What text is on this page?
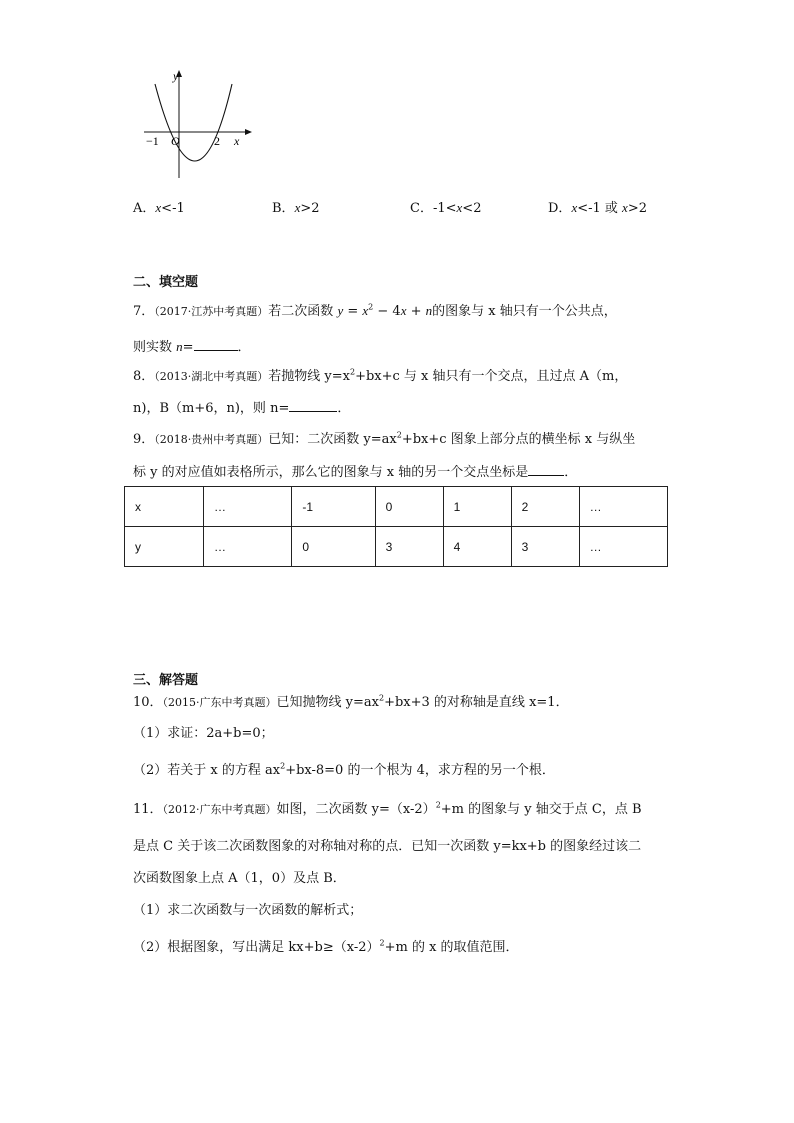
y
x
O
−1	2
A．x<-1	B．x>2	C．-1<x<2	D．x<-1 或 x>2
二、填空题
7．（2017·江苏中考真题）若二次函数 $y = x^2 - 4x + n$的图象与 x 轴只有一个公共点，
则实数 n=	．
8．（2013·湖北中考真题）若抛物线 $y=x^2+bx+c$ 与 x 轴只有一个交点，且过点 A（m，
n)，B（m+6，n)，则 n=	．
9．（2018·贵州中考真题）已知：二次函数 $y=ax^2+bx+c$ 图象上部分点的横坐标 x 与纵坐
标 y 的对应值如表格所示，那么它的图象与 x 轴的另一个交点坐标是	．
x	…	-1	0	1	2	…
y	…	0	3	4	3	…
三、解答题
10．（2015·广东中考真题）已知抛物线 $y=ax^2+bx+3$ 的对称轴是直线 x=1．
（1）求证：2a+b=0；
（2）若关于 x 的方程 $ax^2+bx-8=0$ 的一个根为 4，求方程的另一个根．
11．（2012·广东中考真题）如图，二次函数 $y=(x-2)^2+m$ 的图象与 y 轴交于点 C，点 B
是点 C 关于该二次函数图象的对称轴对称的点．已知一次函数 y=kx+b 的图象经过该二
次函数图象上点 A（1，0）及点 B．
（1）求二次函数与一次函数的解析式；
（2）根据图象，写出满足 $kx+b\ge(x-2)^2+m$ 的 x 的取值范围．
